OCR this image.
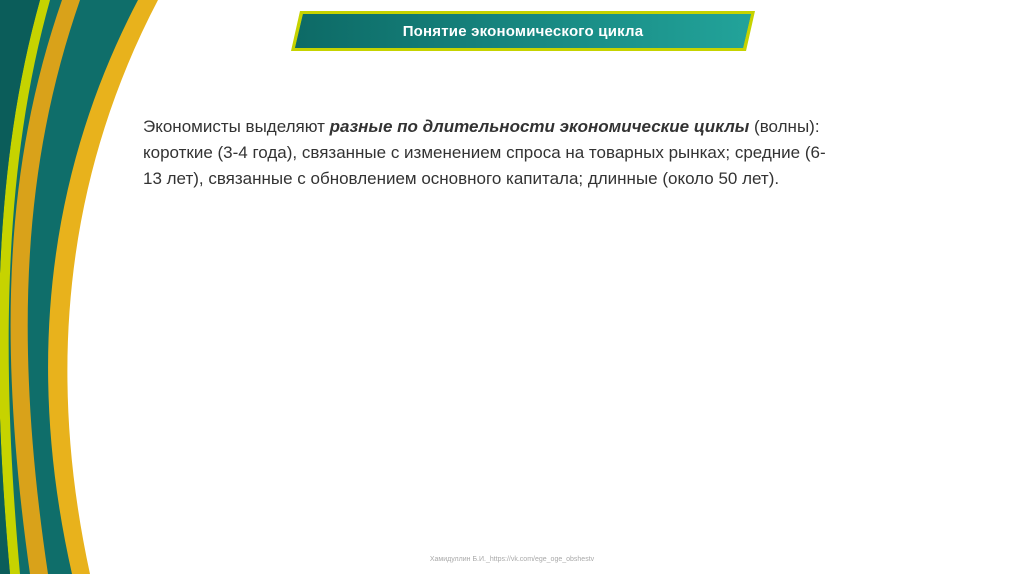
Понятие экономического цикла
Экономисты выделяют разные по длительности экономические циклы (волны): короткие (3-4 года), связанные с изменением спроса на товарных рынках; средние (6-13 лет), связанные с обновлением основного капитала; длинные (около 50 лет).
Хамидуллин Б.И._https://vk.com/ege_oge_obshestv
